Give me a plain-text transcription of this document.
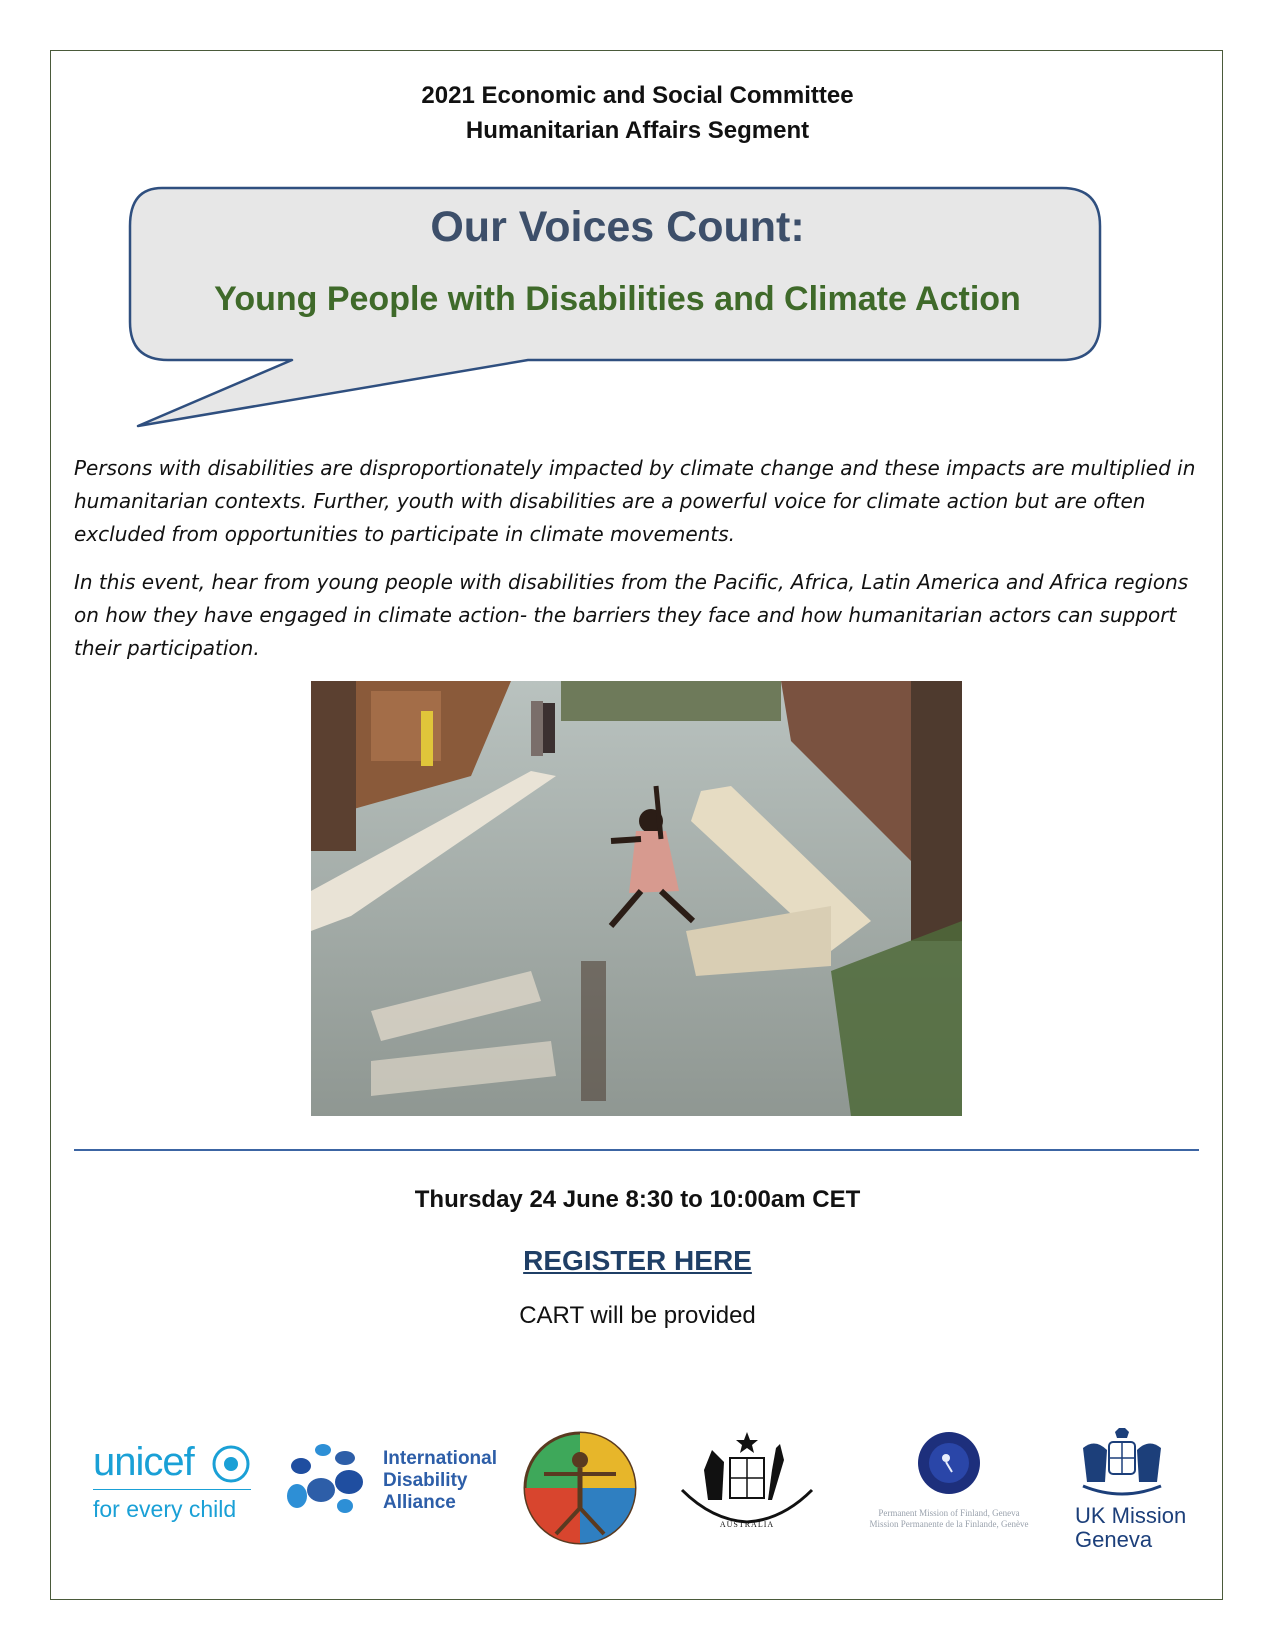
2021 Economic and Social Committee
Humanitarian Affairs Segment
Our Voices Count:
Young People with Disabilities and Climate Action

Persons with disabilities are disproportionately impacted by climate change and these impacts are multiplied in humanitarian contexts. Further, youth with disabilities are a powerful voice for climate action but are often excluded from opportunities to participate in climate movements.

In this event, hear from young people with disabilities from the Pacific, Africa, Latin America and Africa regions on how they have engaged in climate action- the barriers they face and how humanitarian actors can support their participation.

Thursday 24 June 8:30 to 10:00am CET
REGISTER HERE
CART will be provided
unicef
for every child
International
Disability
Alliance
AUSTRALIA
Permanent Mission of Finland, Geneva
Mission Permanente de la Finlande, Genève	UK Mission
Geneva
